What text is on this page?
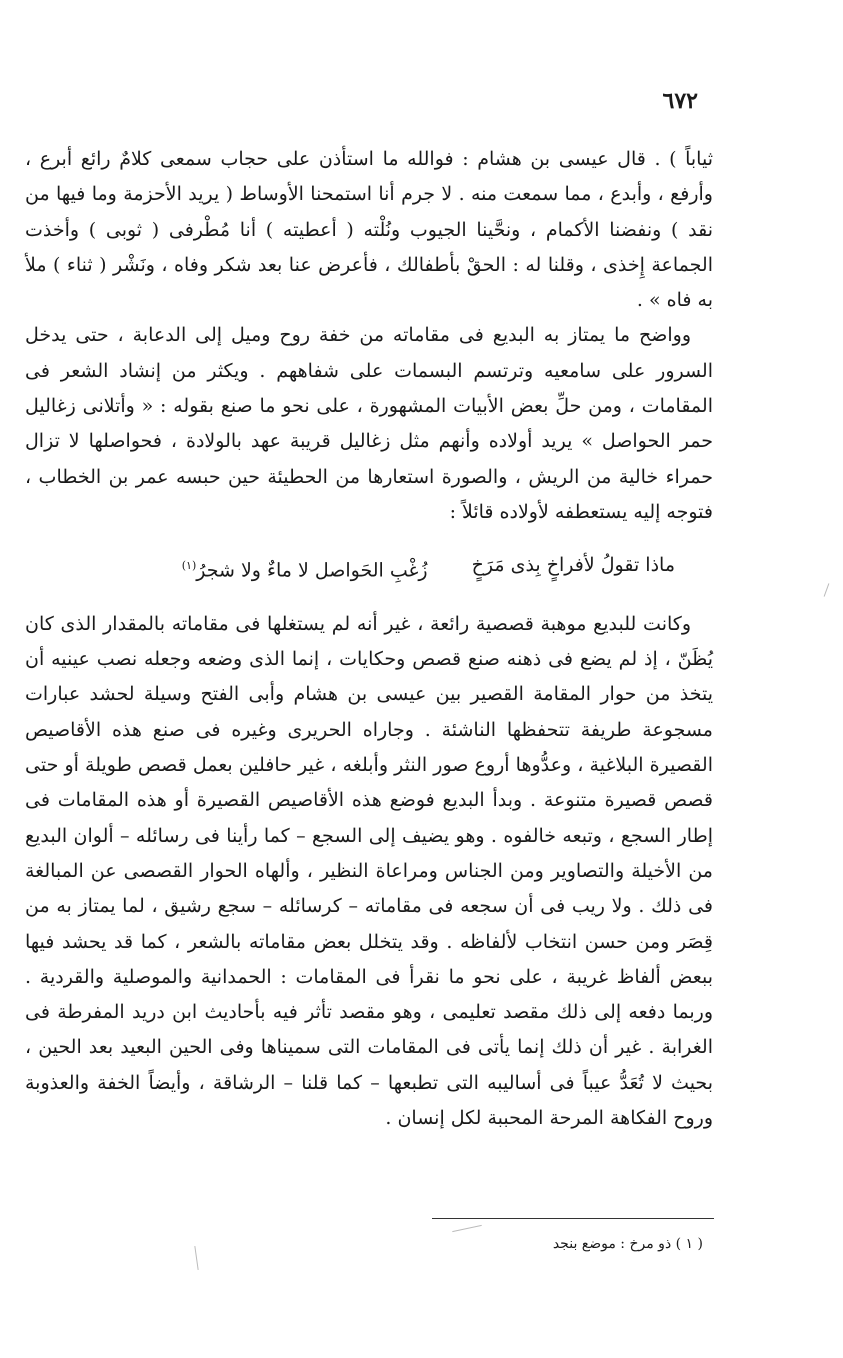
٦٧٢

ثياباً ) . قال عيسى بن هشام : فوالله ما استأذن على حجاب سمعى كلامٌ رائع أبرع ، وأرفع ، وأبدع ، مما سمعت منه . لا جرم أنا استمحنا الأوساط ( يريد الأحزمة وما فيها من نقد ) ونفضنا الأكمام ، ونحَّينا الجيوب ونُلْته ( أعطيته ) أنا مُطْرفى ( ثوبى ) وأخذت الجماعة إِخذى ، وقلنا له : الحقْ بأطفالك ، فأعرض عنا بعد شكر وفاه ، ونَشْر ( ثناء ) ملأ به فاه » .

وواضح ما يمتاز به البديع فى مقاماته من خفة روح وميل إلى الدعابة ، حتى يدخل السرور على سامعيه وترتسم البسمات على شفاههم . ويكثر من إنشاد الشعر فى المقامات ، ومن حلِّ بعض الأبيات المشهورة ، على نحو ما صنع بقوله : « وأتلانى زغاليل حمر الحواصل » يريد أولاده وأنهم مثل زغاليل قريبة عهد بالولادة ، فحواصلها لا تزال حمراء خالية من الريش ، والصورة استعارها من الحطيئة حين حبسه عمر بن الخطاب ، فتوجه إليه يستعطفه لأولاده قائلاً :

ماذا تقولُ لأفراخٍ بِذى مَرَخٍ
زُغْبِ الحَواصل لا ماءٌ ولا شجرُ$^{(١)}$

وكانت للبديع موهبة قصصية رائعة ، غير أنه لم يستغلها فى مقاماته بالمقدار الذى كان يُظَنّ ، إذ لم يضع فى ذهنه صنع قصص وحكايات ، إنما الذى وضعه وجعله نصب عينيه أن يتخذ من حوار المقامة القصير بين عيسى بن هشام وأبى الفتح وسيلة لحشد عبارات مسجوعة طريفة تتحفظها الناشئة . وجاراه الحريرى وغيره فى صنع هذه الأقاصيص القصيرة البلاغية ، وعدُّوها أروع صور النثر وأبلغه ، غير حافلين بعمل قصص طويلة أو حتى قصص قصيرة متنوعة . وبدأ البديع فوضع هذه الأقاصيص القصيرة أو هذه المقامات فى إطار السجع ، وتبعه خالفوه . وهو يضيف إلى السجع – كما رأينا فى رسائله – ألوان البديع من الأخيلة والتصاوير ومن الجناس ومراعاة النظير ، وألهاه الحوار القصصى عن المبالغة فى ذلك . ولا ريب فى أن سجعه فى مقاماته – كرسائله – سجع رشيق ، لما يمتاز به من قِصَر ومن حسن انتخاب لألفاظه . وقد يتخلل بعض مقاماته بالشعر ، كما قد يحشد فيها ببعض ألفاظ غريبة ، على نحو ما نقرأ فى المقامات : الحمدانية والموصلية والقردية . وربما دفعه إلى ذلك مقصد تعليمى ، وهو مقصد تأثر فيه بأحاديث ابن دريد المفرطة فى الغرابة . غير أن ذلك إنما يأتى فى المقامات التى سميناها وفى الحين البعيد بعد الحين ، بحيث لا تُعَدُّ عيباً فى أساليبه التى تطبعها – كما قلنا – الرشاقة ، وأيضاً الخفة والعذوبة وروح الفكاهة المرحة المحببة لكل إنسان .

( ١ ) ذو مرخ : موضع بنجد
